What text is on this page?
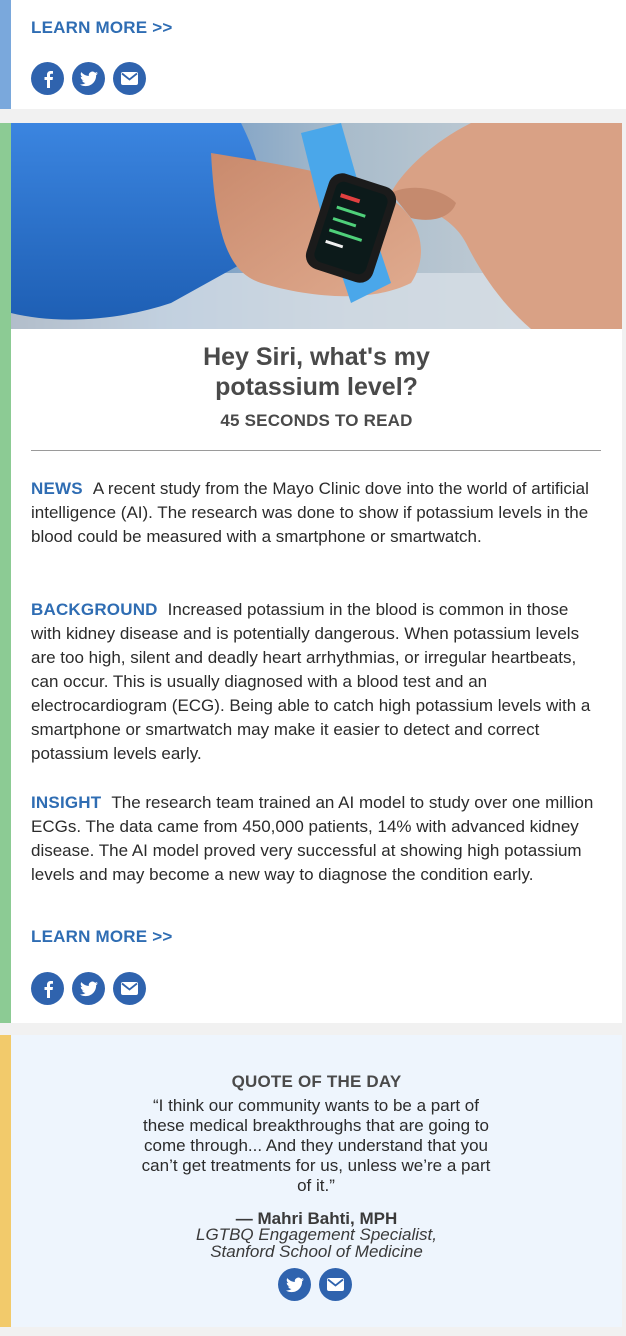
LEARN MORE >>
Hey Siri, what's my
potassium level?
45 SECONDS TO READ

NEWS A recent study from the Mayo Clinic dove into the world of artificial intelligence (AI). The research was done to show if potassium levels in the blood could be measured with a smartphone or smartwatch.

BACKGROUND Increased potassium in the blood is common in those with kidney disease and is potentially dangerous. When potassium levels are too high, silent and deadly heart arrhythmias, or irregular heartbeats, can occur. This is usually diagnosed with a blood test and an electrocardiogram (ECG). Being able to catch high potassium levels with a smartphone or smartwatch may make it easier to detect and correct potassium levels early.

INSIGHT The research team trained an AI model to study over one million ECGs. The data came from 450,000 patients, 14% with advanced kidney disease. The AI model proved very successful at showing high potassium levels and may become a new way to diagnose the condition early.

LEARN MORE >>
QUOTE OF THE DAY
“I think our community wants to be a part of these medical breakthroughs that are going to come through... And they understand that you can’t get treatments for us, unless we’re a part of it.”
— Mahri Bahti, MPH
LGTBQ Engagement Specialist,
Stanford School of Medicine
